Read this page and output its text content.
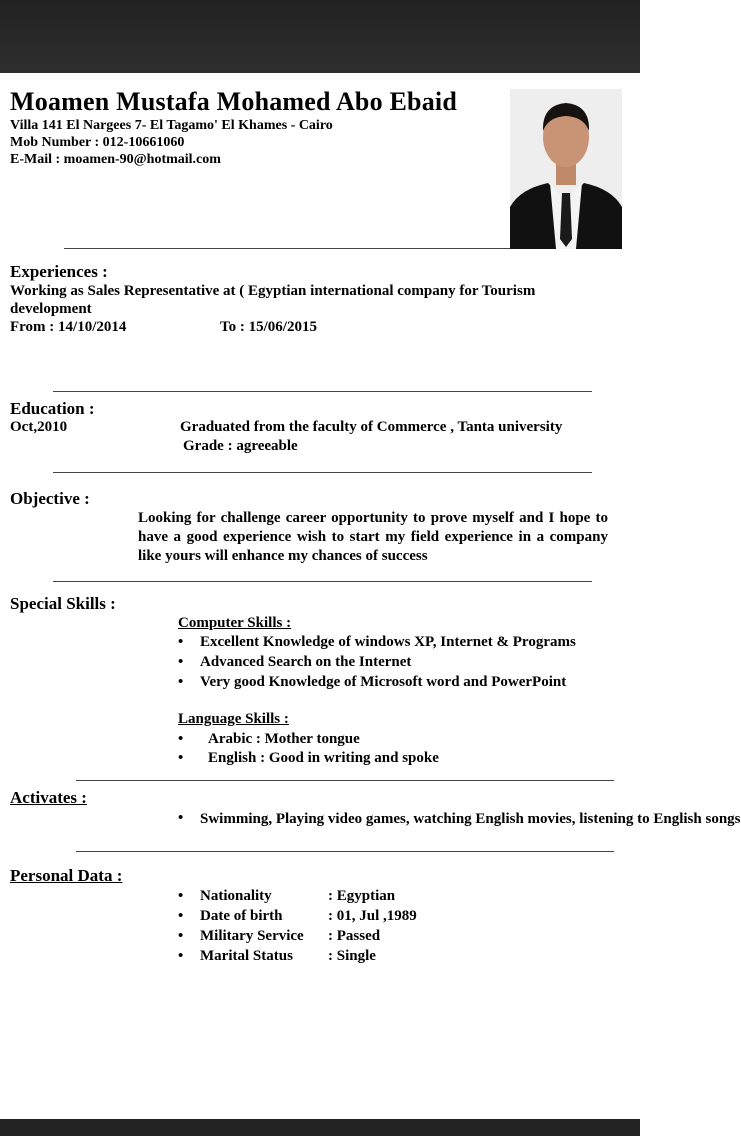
Moamen Mustafa Mohamed Abo Ebaid
Villa 141 El Nargees 7- El Tagamo' El Khames - Cairo
Mob Number : 012-10661060
E-Mail : moamen-90@hotmail.com
Experiences :
Working as Sales Representative at ( Egyptian international company for Tourism
development
From : 14/10/2014	To : 15/06/2015
Education :
Oct,2010	Graduated from the faculty of Commerce , Tanta university
Grade : agreeable
Objective :
Looking for challenge career opportunity to prove myself and I hope to have a good experience wish to start my field experience in a company like yours will enhance my chances of success
Special Skills :
Computer Skills :
• Excellent Knowledge of windows XP, Internet & Programs
• Advanced Search on the Internet
• Very good Knowledge of Microsoft word and PowerPoint
Language Skills :
• Arabic : Mother tongue
• English : Good in writing and spoke
Activates :
• Swimming, Playing video games, watching English movies, listening to English songs
Personal Data :
• Nationality	: Egyptian
• Date of birth	: 01, Jul ,1989
• Military Service : Passed
• Marital Status : Single
